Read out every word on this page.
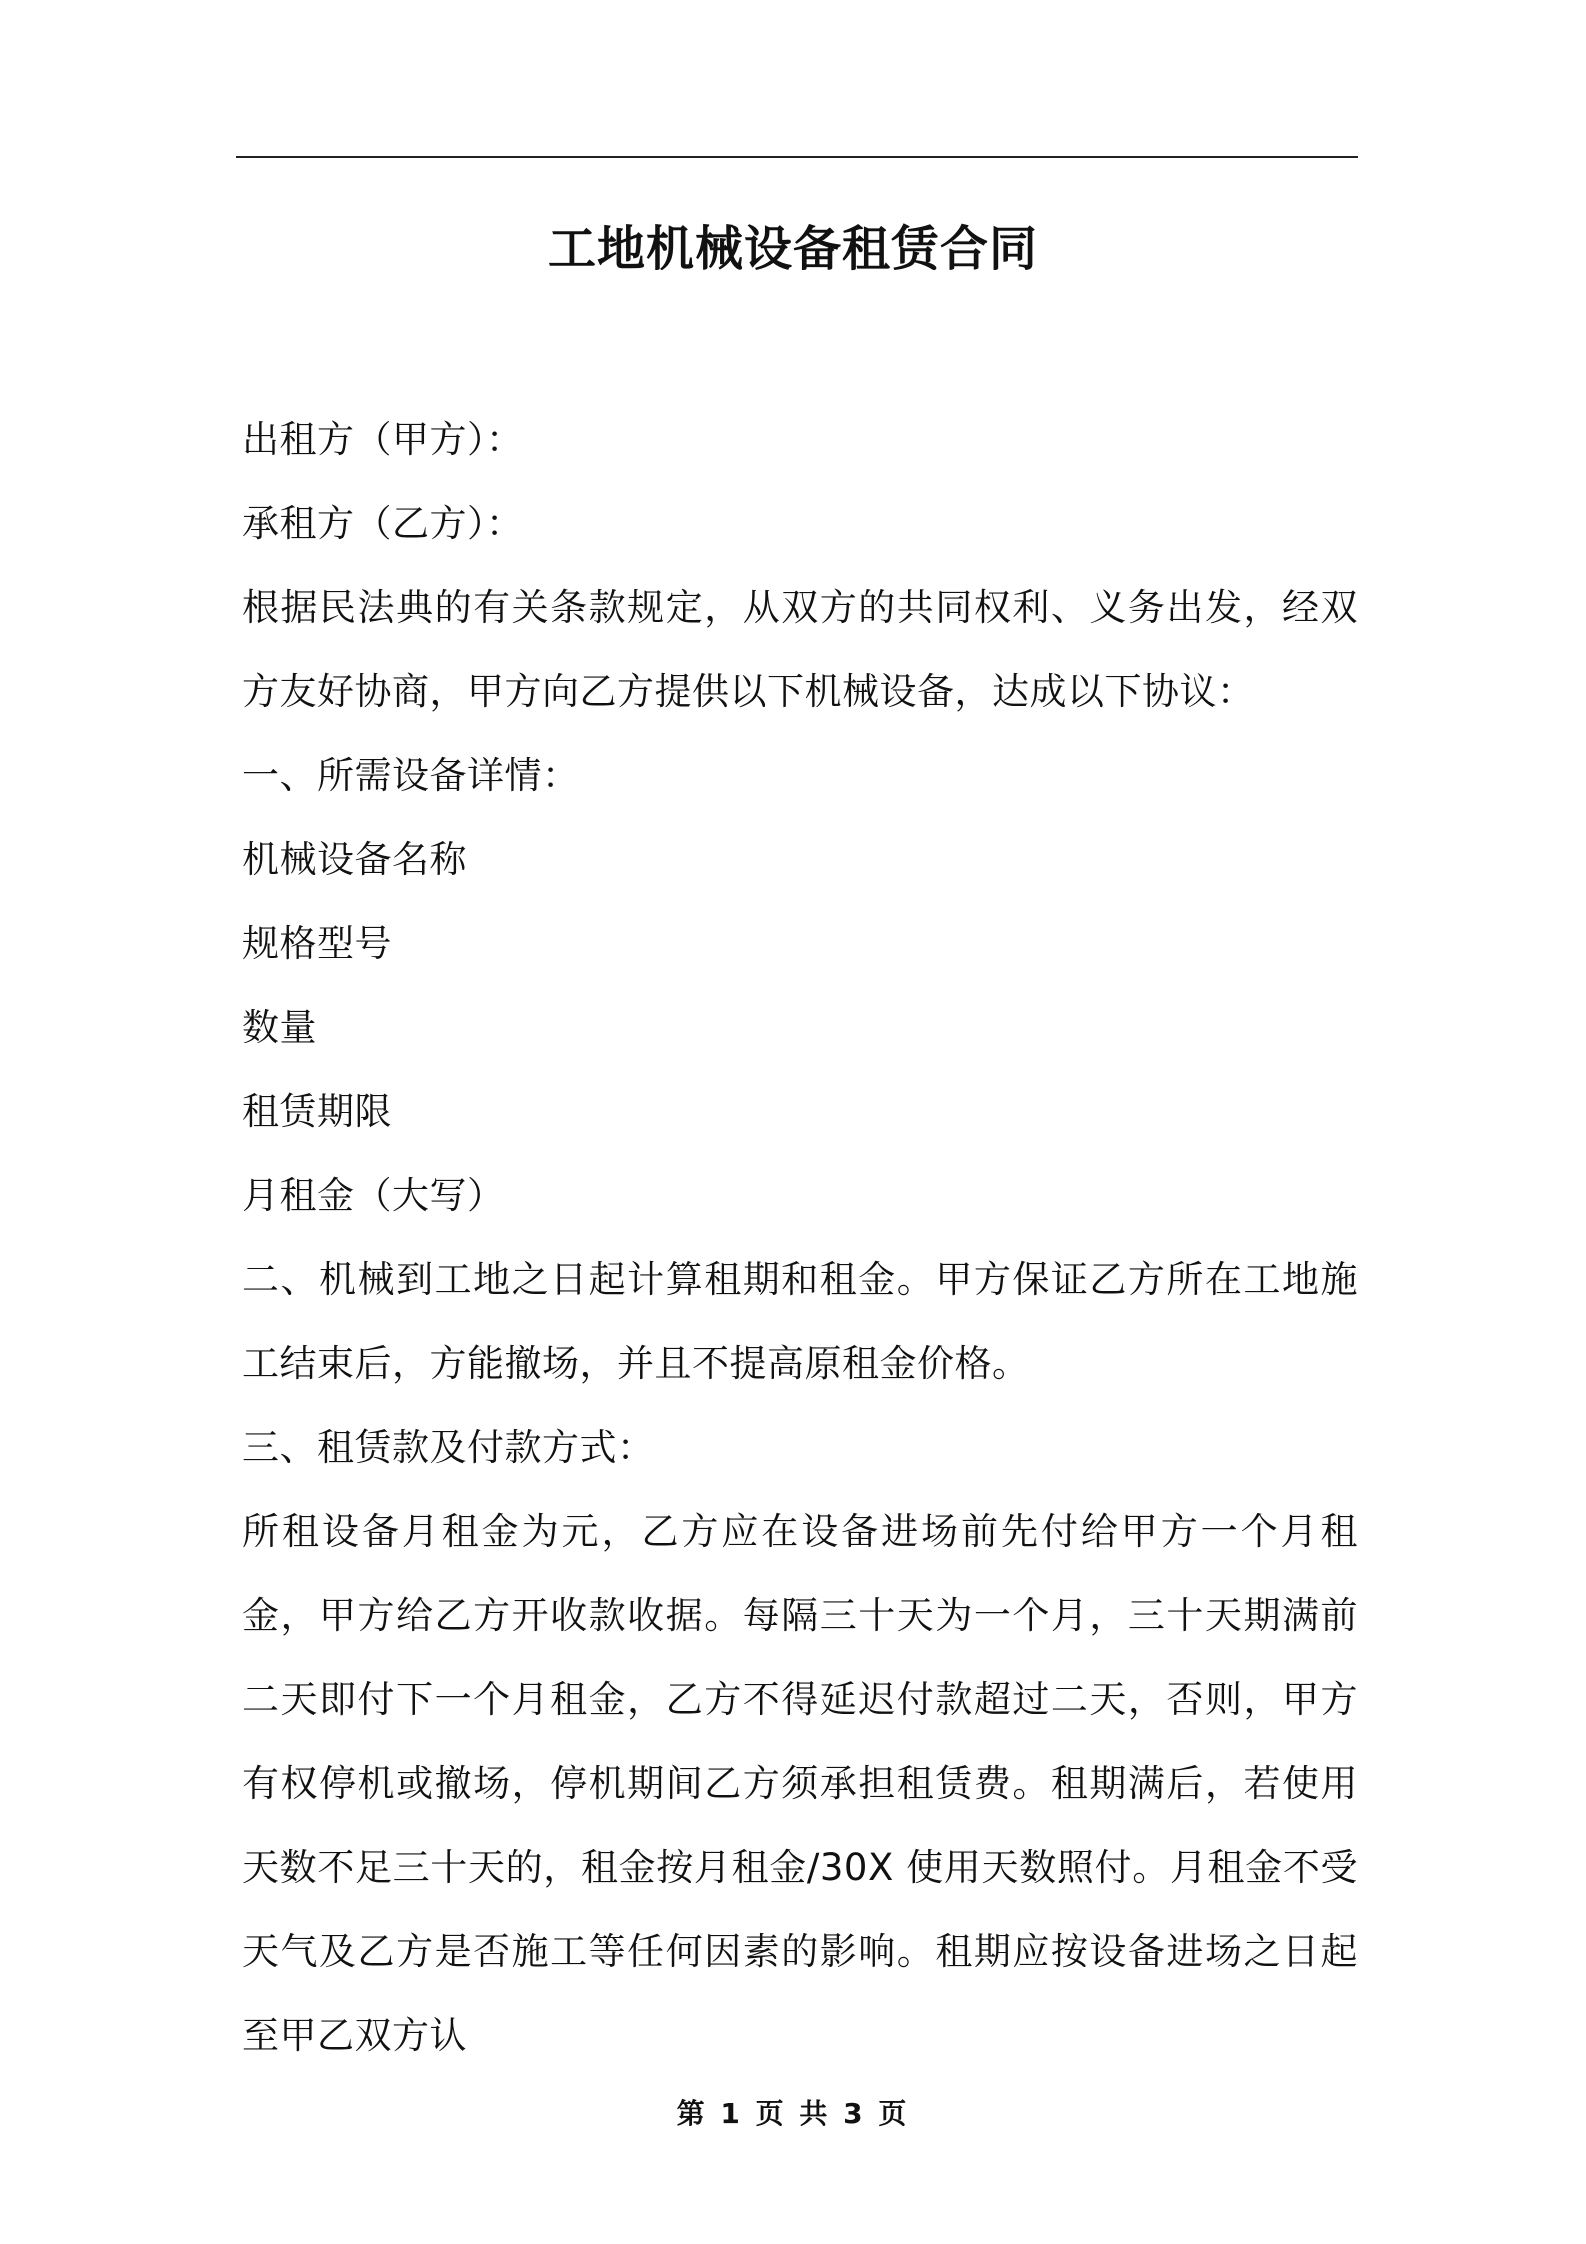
工地机械设备租赁合同

出租方（甲方）：

承租方（乙方）：

根据民法典的有关条款规定，从双方的共同权利、义务出发，经双方友好协商，甲方向乙方提供以下机械设备，达成以下协议：

一、所需设备详情：

机械设备名称

规格型号

数量

租赁期限

月租金（大写）

二、机械到工地之日起计算租期和租金。甲方保证乙方所在工地施工结束后，方能撤场，并且不提高原租金价格。

三、租赁款及付款方式：

所租设备月租金为元，乙方应在设备进场前先付给甲方一个月租金，甲方给乙方开收款收据。每隔三十天为一个月，三十天期满前二天即付下一个月租金，乙方不得延迟付款超过二天，否则，甲方有权停机或撤场，停机期间乙方须承担租赁费。租期满后，若使用天数不足三十天的，租金按月租金/30X 使用天数照付。月租金不受天气及乙方是否施工等任何因素的影响。租期应按设备进场之日起至甲乙双方认

第 1 页 共 3 页
